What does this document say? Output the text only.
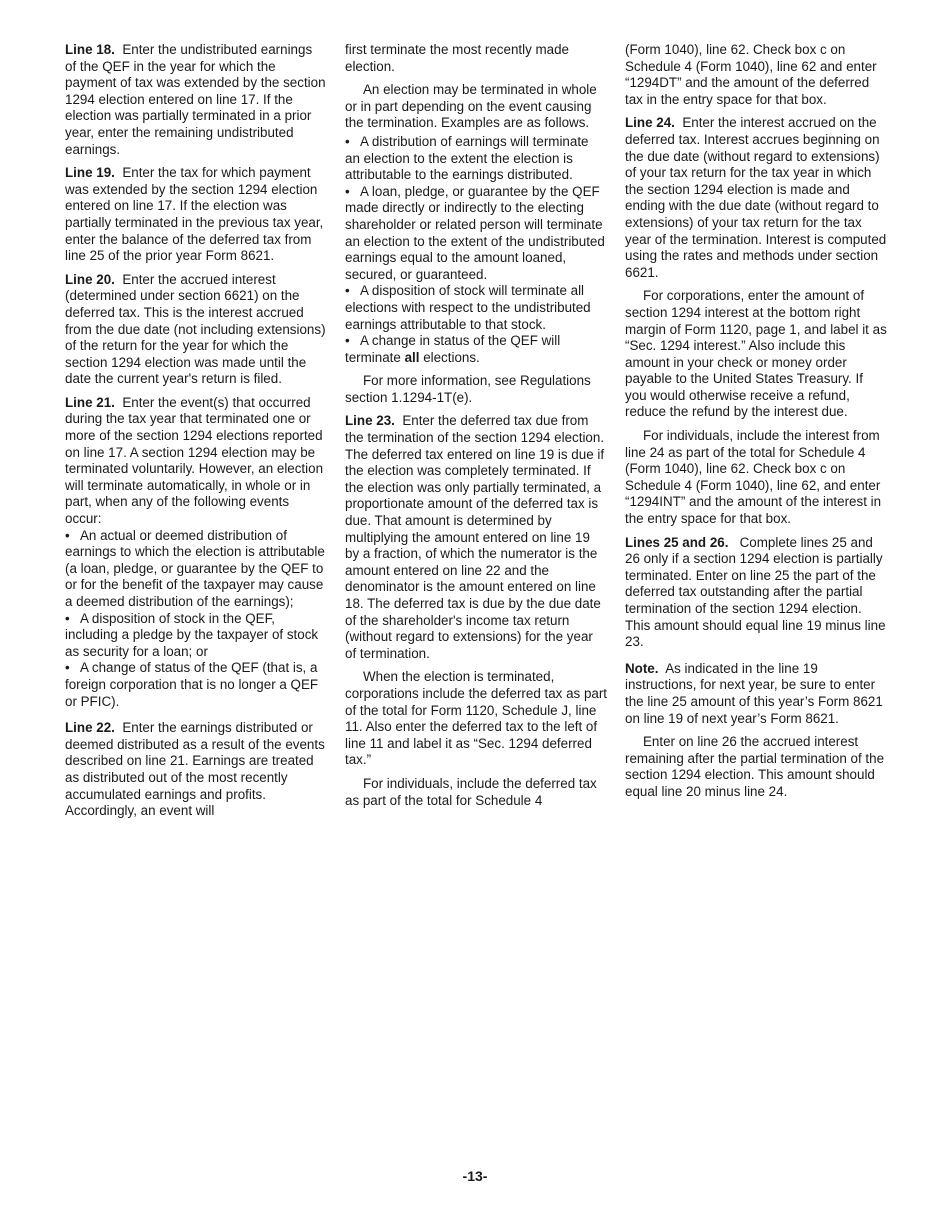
Line 18. Enter the undistributed earnings of the QEF in the year for which the payment of tax was extended by the section 1294 election entered on line 17. If the election was partially terminated in a prior year, enter the remaining undistributed earnings.

Line 19. Enter the tax for which payment was extended by the section 1294 election entered on line 17. If the election was partially terminated in the previous tax year, enter the balance of the deferred tax from line 25 of the prior year Form 8621.

Line 20. Enter the accrued interest (determined under section 6621) on the deferred tax. This is the interest accrued from the due date (not including extensions) of the return for the year for which the section 1294 election was made until the date the current year's return is filed.

Line 21. Enter the event(s) that occurred during the tax year that terminated one or more of the section 1294 elections reported on line 17. A section 1294 election may be terminated voluntarily. However, an election will terminate automatically, in whole or in part, when any of the following events occur:

• An actual or deemed distribution of earnings to which the election is attributable (a loan, pledge, or guarantee by the QEF to or for the benefit of the taxpayer may cause a deemed distribution of the earnings);

• A disposition of stock in the QEF, including a pledge by the taxpayer of stock as security for a loan; or

• A change of status of the QEF (that is, a foreign corporation that is no longer a QEF or PFIC).

Line 22. Enter the earnings distributed or deemed distributed as a result of the events described on line 21. Earnings are treated as distributed out of the most recently accumulated earnings and profits. Accordingly, an event will

first terminate the most recently made election.

An election may be terminated in whole or in part depending on the event causing the termination. Examples are as follows.

• A distribution of earnings will terminate an election to the extent the election is attributable to the earnings distributed.

• A loan, pledge, or guarantee by the QEF made directly or indirectly to the electing shareholder or related person will terminate an election to the extent of the undistributed earnings equal to the amount loaned, secured, or guaranteed.

• A disposition of stock will terminate all elections with respect to the undistributed earnings attributable to that stock.

• A change in status of the QEF will terminate all elections.

For more information, see Regulations section 1.1294-1T(e).

Line 23. Enter the deferred tax due from the termination of the section 1294 election. The deferred tax entered on line 19 is due if the election was completely terminated. If the election was only partially terminated, a proportionate amount of the deferred tax is due. That amount is determined by multiplying the amount entered on line 19 by a fraction, of which the numerator is the amount entered on line 22 and the denominator is the amount entered on line 18. The deferred tax is due by the due date of the shareholder's income tax return (without regard to extensions) for the year of termination.

When the election is terminated, corporations include the deferred tax as part of the total for Form 1120, Schedule J, line 11. Also enter the deferred tax to the left of line 11 and label it as “Sec. 1294 deferred tax.”

For individuals, include the deferred tax as part of the total for Schedule 4

(Form 1040), line 62. Check box c on Schedule 4 (Form 1040), line 62 and enter “1294DT” and the amount of the deferred tax in the entry space for that box.

Line 24. Enter the interest accrued on the deferred tax. Interest accrues beginning on the due date (without regard to extensions) of your tax return for the tax year in which the section 1294 election is made and ending with the due date (without regard to extensions) of your tax return for the tax year of the termination. Interest is computed using the rates and methods under section 6621.

For corporations, enter the amount of section 1294 interest at the bottom right margin of Form 1120, page 1, and label it as “Sec. 1294 interest.” Also include this amount in your check or money order payable to the United States Treasury. If you would otherwise receive a refund, reduce the refund by the interest due.

For individuals, include the interest from line 24 as part of the total for Schedule 4 (Form 1040), line 62. Check box c on Schedule 4 (Form 1040), line 62, and enter “1294INT” and the amount of the interest in the entry space for that box.

Lines 25 and 26. Complete lines 25 and 26 only if a section 1294 election is partially terminated. Enter on line 25 the part of the deferred tax outstanding after the partial termination of the section 1294 election. This amount should equal line 19 minus line 23.

Note. As indicated in the line 19 instructions, for next year, be sure to enter the line 25 amount of this year’s Form 8621 on line 19 of next year’s Form 8621.

Enter on line 26 the accrued interest remaining after the partial termination of the section 1294 election. This amount should equal line 20 minus line 24.

-13-
